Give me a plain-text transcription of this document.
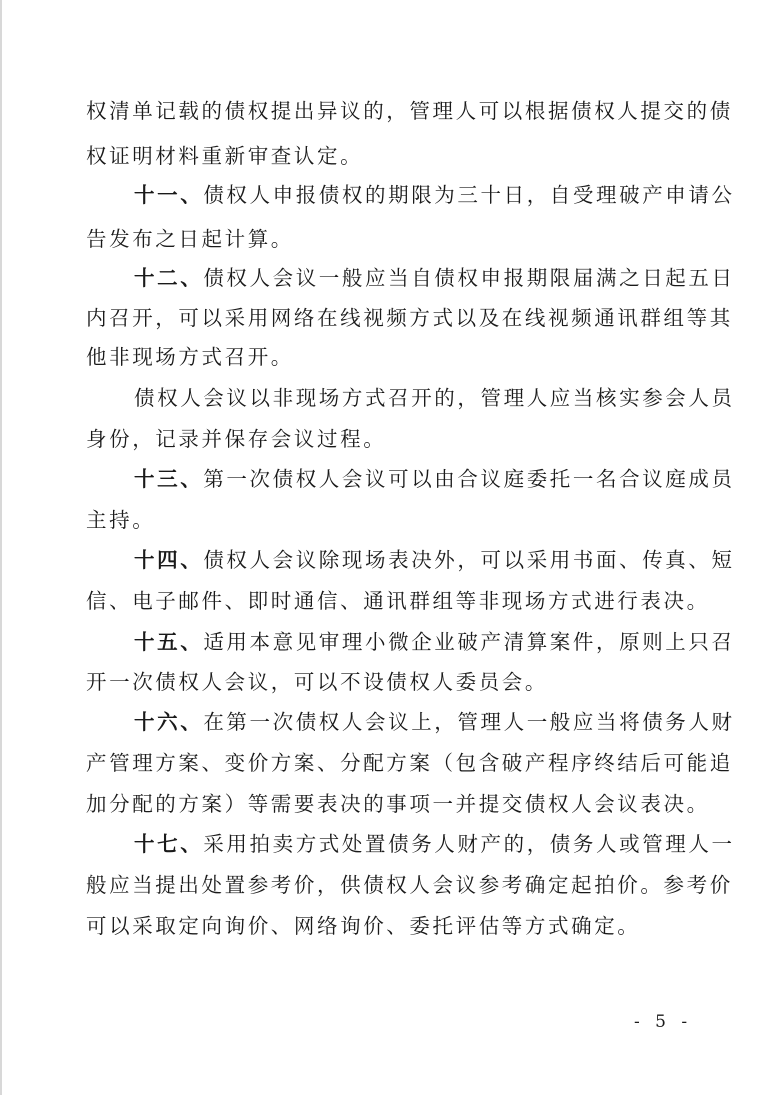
权清单记载的债权提出异议的，管理人可以根据债权人提交的债
权证明材料重新审查认定。
十一、债权人申报债权的期限为三十日，自受理破产申请公
告发布之日起计算。
十二、债权人会议一般应当自债权申报期限届满之日起五日
内召开，可以采用网络在线视频方式以及在线视频通讯群组等其
他非现场方式召开。
债权人会议以非现场方式召开的，管理人应当核实参会人员
身份，记录并保存会议过程。
十三、第一次债权人会议可以由合议庭委托一名合议庭成员
主持。
十四、债权人会议除现场表决外，可以采用书面、传真、短
信、电子邮件、即时通信、通讯群组等非现场方式进行表决。
十五、适用本意见审理小微企业破产清算案件，原则上只召
开一次债权人会议，可以不设债权人委员会。
十六、在第一次债权人会议上，管理人一般应当将债务人财
产管理方案、变价方案、分配方案（包含破产程序终结后可能追
加分配的方案）等需要表决的事项一并提交债权人会议表决。
十七、采用拍卖方式处置债务人财产的，债务人或管理人一
般应当提出处置参考价，供债权人会议参考确定起拍价。参考价
可以采取定向询价、网络询价、委托评估等方式确定。
- 5 -
